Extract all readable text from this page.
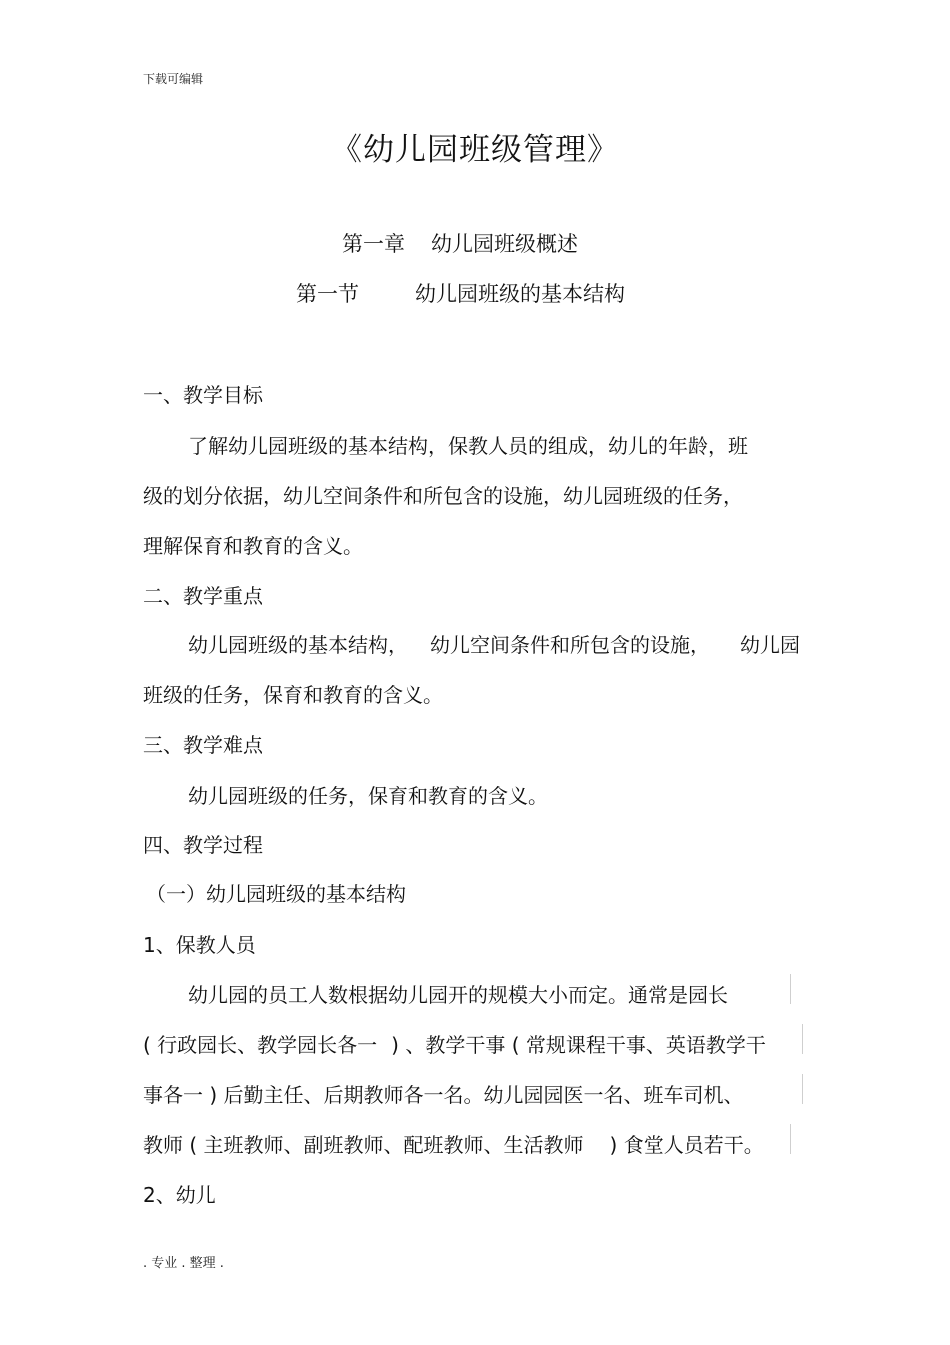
下载可编辑
《幼儿园班级管理》
第一章 幼儿园班级概述
第一节	幼儿园班级的基本结构
一、教学目标
了解幼儿园班级的基本结构，保教人员的组成，幼儿的年龄，班
级的划分依据，幼儿空间条件和所包含的设施，幼儿园班级的任务，
理解保育和教育的含义。
二、教学重点
幼儿园班级的基本结构， 幼儿空间条件和所包含的设施， 幼儿园
班级的任务，保育和教育的含义。
三、教学难点
幼儿园班级的任务，保育和教育的含义。
四、教学过程
（一）幼儿园班级的基本结构
1、保教人员
幼儿园的员工人数根据幼儿园开的规模大小而定。通常是园长
( 行政园长、教学园长各一 ) 、教学干事 ( 常规课程干事、英语教学干
事各一 ) 后勤主任、后期教师各一名。幼儿园园医一名、班车司机、
教师 ( 主班教师、副班教师、配班教师、生活教师 ) 食堂人员若干。
2、幼儿
. 专业 . 整理 .
